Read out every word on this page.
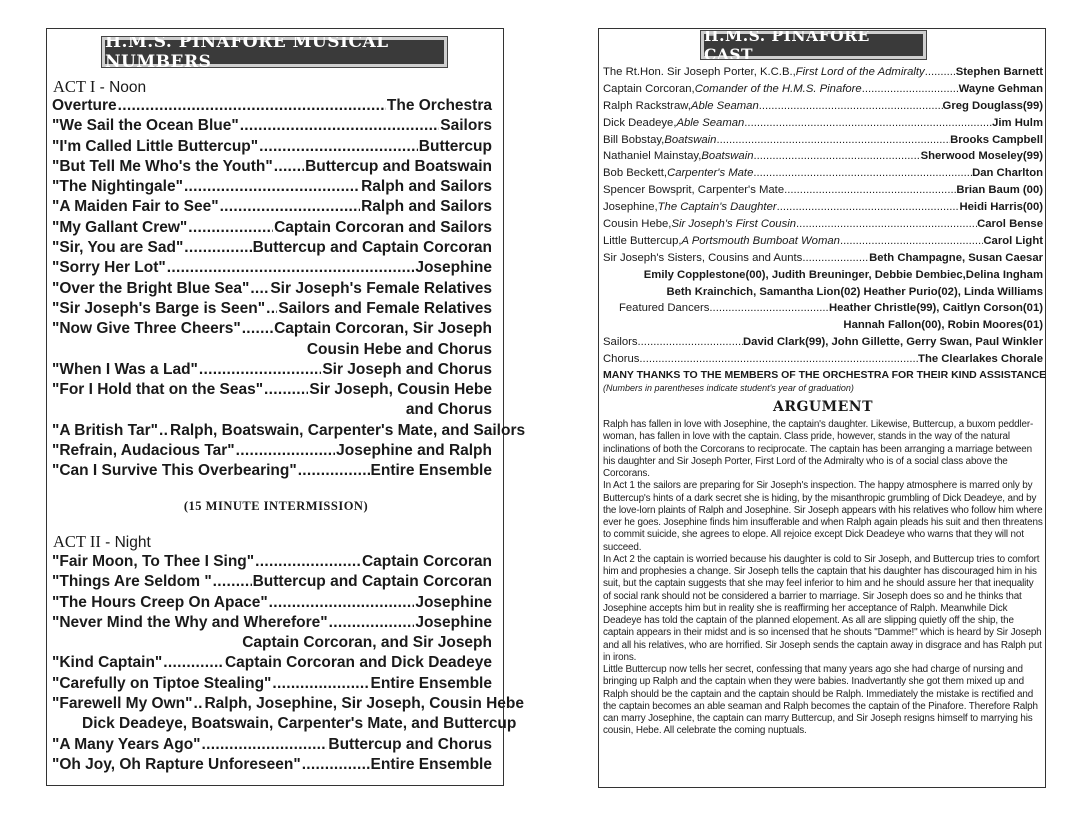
H.M.S. PINAFORE MUSICAL NUMBERS
ACT I - Noon
Overture .....	The Orchestra
"We Sail the Ocean Blue" .....	Sailors
"I'm Called Little Buttercup" .....	Buttercup
"But Tell Me Who's the Youth" ..... Buttercup and Boatswain
"The Nightingale" .....	Ralph and Sailors
"A Maiden Fair to See" .....	Ralph and Sailors
"My Gallant Crew" .....	Captain Corcoran and Sailors
"Sir, You are Sad" .....	Buttercup and Captain Corcoran
"Sorry Her Lot" .....	Josephine
"Over the Bright Blue Sea" ..... Sir Joseph's Female Relatives
"Sir Joseph's Barge is Seen" ..... Sailors and Female Relatives
"Now Give Three Cheers" ..... Captain Corcoran, Sir Joseph
Cousin Hebe and Chorus
"When I Was a Lad" .....	Sir Joseph and Chorus
"For I Hold that on the Seas" .....	Sir Joseph, Cousin Hebe
and Chorus
"A British Tar" ..... Ralph, Boatswain, Carpenter's Mate, and Sailors
"Refrain, Audacious Tar" .....	Josephine and Ralph
"Can I Survive This Overbearing" .....	Entire Ensemble
(15 MINUTE INTERMISSION)
ACT II - Night
"Fair Moon, To Thee I Sing" .....	Captain Corcoran
"Things Are Seldom " .....	Buttercup and Captain Corcoran
"The Hours Creep On Apace" .....	Josephine
"Never Mind the Why and Wherefore" .....	Josephine
Captain Corcoran, and Sir Joseph
"Kind Captain" .....	Captain Corcoran and Dick Deadeye
"Carefully on Tiptoe Stealing" .....	Entire Ensemble
"Farewell My Own" ..... Ralph, Josephine, Sir Joseph, Cousin Hebe
Dick Deadeye, Boatswain, Carpenter's Mate, and Buttercup
"A Many Years Ago" .....	Buttercup and Chorus
"Oh Joy, Oh Rapture Unforeseen" .....	Entire Ensemble
H.M.S. PINAFORE CAST
The Rt.Hon. Sir Joseph Porter, K.C.B., First Lord of the Admiralty .....	Stephen Barnett
Captain Corcoran, Comander of the H.M.S. Pinafore .....	Wayne Gehman
Ralph Rackstraw, Able Seaman .....	Greg Douglass(99)
Dick Deadeye, Able Seaman .....	Jim Hulm
Bill Bobstay, Boatswain .....	Brooks Campbell
Nathaniel Mainstay, Boatswain .....	Sherwood Moseley(99)
Bob Beckett, Carpenter's Mate .....	Dan Charlton
Spencer Bowsprit, Carpenter's Mate .....	Brian Baum (00)
Josephine, The Captain's Daughter .....	Heidi Harris(00)
Cousin Hebe, Sir Joseph's First Cousin .....	Carol Bense
Little Buttercup, A Portsmouth Bumboat Woman .....	Carol Light
Sir Joseph's Sisters, Cousins and Aunts .....	Beth Champagne, Susan Caesar
Emily Copplestone(00), Judith Breuninger, Debbie Dembiec,Delina Ingham
Beth Krainchich, Samantha Lion(02) Heather Purio(02), Linda Williams
Featured Dancers .....	Heather Christle(99), Caitlyn Corson(01)
Hannah Fallon(00), Robin Moores(01)
Sailors .....	David Clark(99), John Gillette, Gerry Swan, Paul Winkler
Chorus .....	The Clearlakes Chorale
MANY THANKS TO THE MEMBERS OF THE ORCHESTRA FOR THEIR KIND ASSISTANCE
(Numbers in parentheses indicate student's year of graduation)
ARGUMENT

Ralph has fallen in love with Josephine, the captain's daughter. Likewise, Buttercup, a buxom peddler-woman, has fallen in love with the captain. Class pride, however, stands in the way of the natural inclinations of both the Corcorans to reciprocate. The captain has been arranging a marriage between his daughter and Sir Joseph Porter, First Lord of the Admiralty who is of a social class above the Corcorans.

In Act 1 the sailors are preparing for Sir Joseph's inspection. The happy atmosphere is marred only by Buttercup's hints of a dark secret she is hiding, by the misanthropic grumbling of Dick Deadeye, and by the love-lorn plaints of Ralph and Josephine. Sir Joseph appears with his relatives who follow him where ever he goes. Josephine finds him insufferable and when Ralph again pleads his suit and then threatens to commit suicide, she agrees to elope. All rejoice except Dick Deadeye who warns that they will not succeed.

In Act 2 the captain is worried because his daughter is cold to Sir Joseph, and Buttercup tries to comfort him and prophesies a change. Sir Joseph tells the captain that his daughter has discouraged him in his suit, but the captain suggests that she may feel inferior to him and he should assure her that inequality of social rank should not be considered a barrier to marriage. Sir Joseph does so and he thinks that Josephine accepts him but in reality she is reaffirming her acceptance of Ralph. Meanwhile Dick Deadeye has told the captain of the planned elopement. As all are slipping quietly off the ship, the captain appears in their midst and is so incensed that he shouts "Damme!" which is heard by Sir Joseph and all his relatives, who are horrified. Sir Joseph sends the captain away in disgrace and has Ralph put in irons.

Little Buttercup now tells her secret, confessing that many years ago she had charge of nursing and bringing up Ralph and the captain when they were babies. Inadvertantly she got them mixed up and Ralph should be the captain and the captain should be Ralph. Immediately the mistake is rectified and the captain becomes an able seaman and Ralph becomes the captain of the Pinafore. Therefore Ralph can marry Josephine, the captain can marry Buttercup, and Sir Joseph resigns himself to marrying his cousin, Hebe. All celebrate the coming nuptuals.
